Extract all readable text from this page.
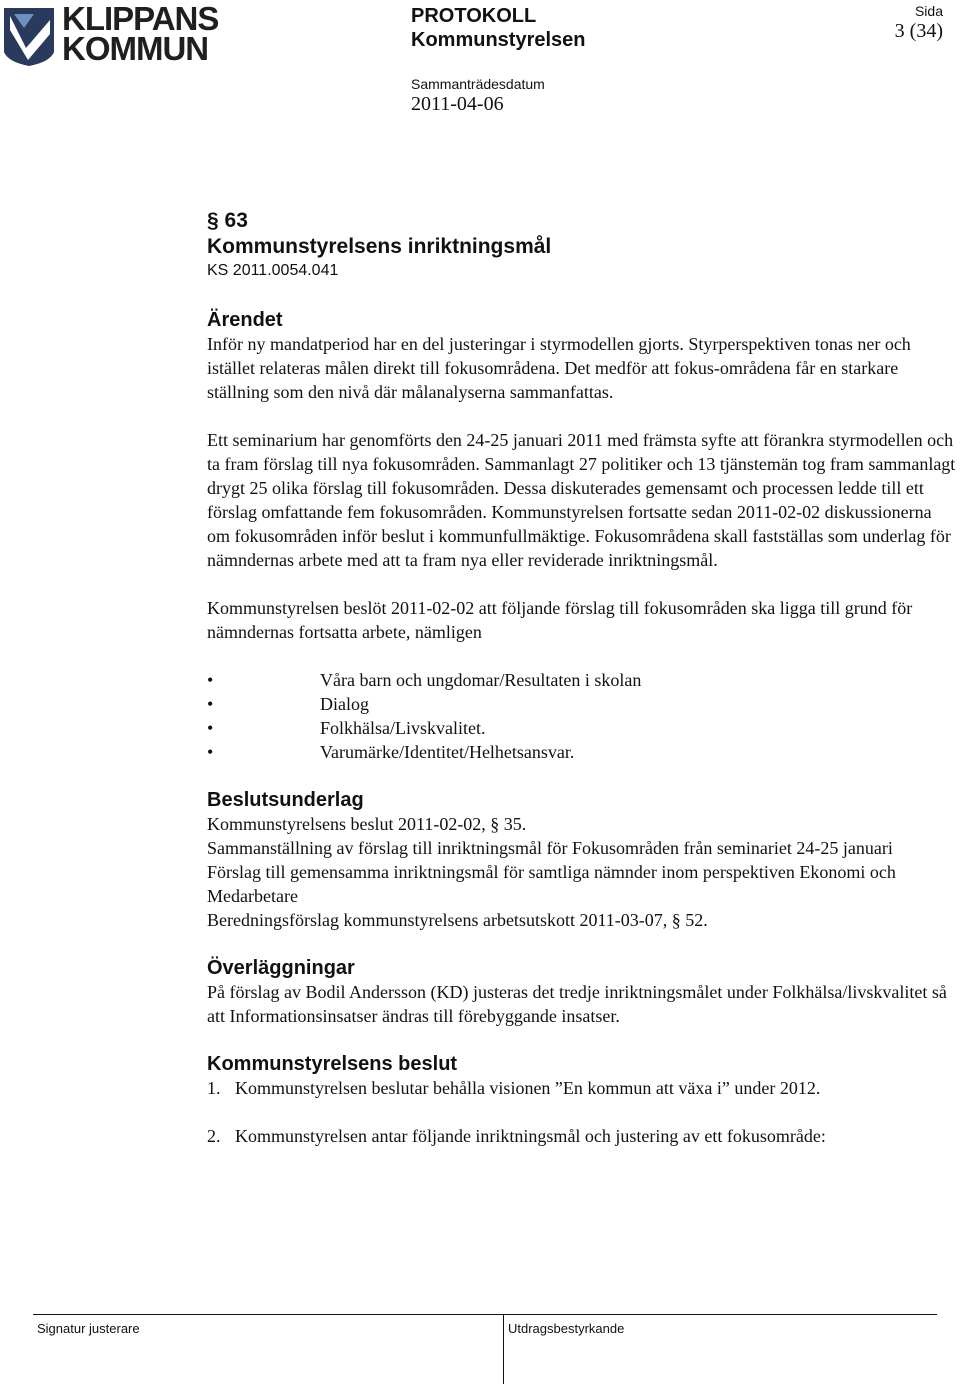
KLIPPANS
KOMMUN
PROTOKOLL
Kommunstyrelsen
Sammanträdesdatum
2011-04-06
Sida
3 (34)
§ 63
Kommunstyrelsens inriktningsmål
KS 2011.0054.041
Ärendet

Inför ny mandatperiod har en del justeringar i styrmodellen gjorts. Styrperspektiven tonas ner och istället relateras målen direkt till fokusområdena. Det medför att fokus-områdena får en starkare ställning som den nivå där målanalyserna sammanfattas.

Ett seminarium har genomförts den 24-25 januari 2011 med främsta syfte att förankra styrmodellen och ta fram förslag till nya fokusområden. Sammanlagt 27 politiker och 13 tjänstemän tog fram sammanlagt drygt 25 olika förslag till fokusområden. Dessa diskuterades gemensamt och processen ledde till ett förslag omfattande fem fokusområden. Kommunstyrelsen fortsatte sedan 2011-02-02 diskussionerna om fokusområden inför beslut i kommunfullmäktige. Fokusområdena skall fastställas som underlag för nämndernas arbete med att ta fram nya eller reviderade inriktningsmål.

Kommunstyrelsen beslöt 2011-02-02 att följande förslag till fokusområden ska ligga till grund för nämndernas fortsatta arbete, nämligen

• Våra barn och ungdomar/Resultaten i skolan
• Dialog
• Folkhälsa/Livskvalitet.
• Varumärke/Identitet/Helhetsansvar.
Beslutsunderlag

Kommunstyrelsens beslut 2011-02-02, § 35.

Sammanställning av förslag till inriktningsmål för Fokusområden från seminariet 24-25 januari

Förslag till gemensamma inriktningsmål för samtliga nämnder inom perspektiven Ekonomi och Medarbetare

Beredningsförslag kommunstyrelsens arbetsutskott 2011-03-07, § 52.

Överläggningar

På förslag av Bodil Andersson (KD) justeras det tredje inriktningsmålet under Folkhälsa/livskvalitet så att Informationsinsatser ändras till förebyggande insatser.

Kommunstyrelsens beslut
1. Kommunstyrelsen beslutar behålla visionen ”En kommun att växa i” under 2012.
2. Kommunstyrelsen antar följande inriktningsmål och justering av ett fokusområde:
Signatur justerare	Utdragsbestyrkande
